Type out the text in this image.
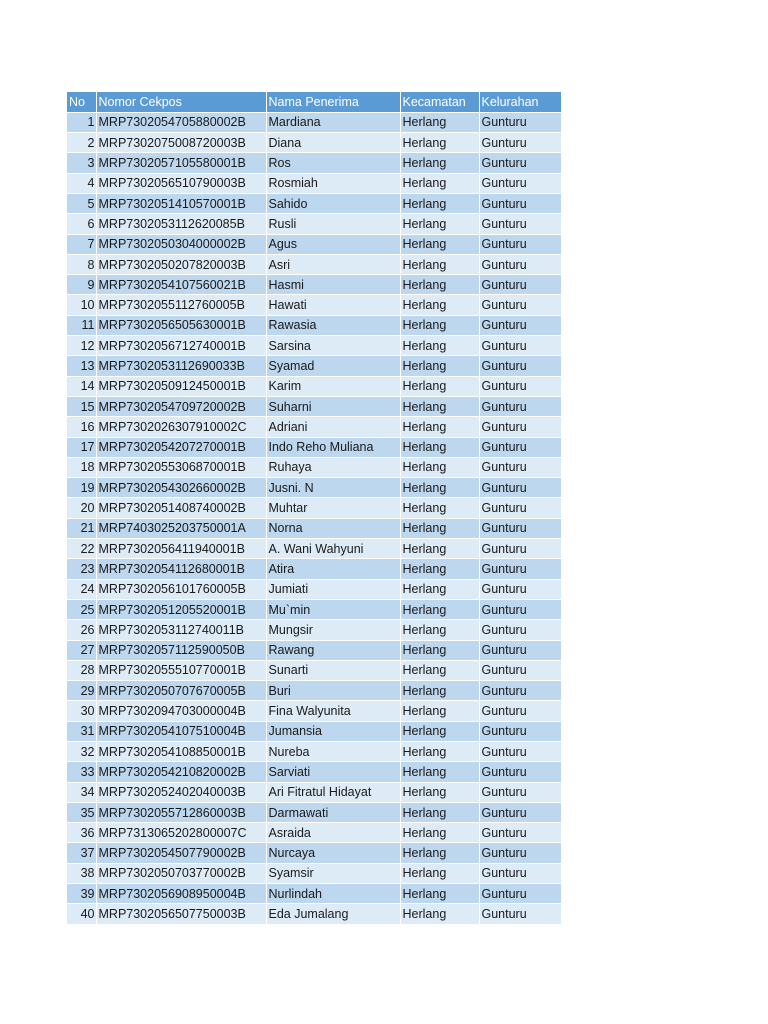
No	Nomor Cekpos	Nama Penerima	Kecamatan	Kelurahan
1	MRP7302054705880002B	Mardiana	Herlang	Gunturu
2	MRP7302075008720003B	Diana	Herlang	Gunturu
3	MRP7302057105580001B	Ros	Herlang	Gunturu
4	MRP7302056510790003B	Rosmiah	Herlang	Gunturu
5	MRP7302051410570001B	Sahido	Herlang	Gunturu
6	MRP7302053112620085B	Rusli	Herlang	Gunturu
7	MRP7302050304000002B	Agus	Herlang	Gunturu
8	MRP7302050207820003B	Asri	Herlang	Gunturu
9	MRP7302054107560021B	Hasmi	Herlang	Gunturu
10	MRP7302055112760005B	Hawati	Herlang	Gunturu
11	MRP7302056505630001B	Rawasia	Herlang	Gunturu
12	MRP7302056712740001B	Sarsina	Herlang	Gunturu
13	MRP7302053112690033B	Syamad	Herlang	Gunturu
14	MRP7302050912450001B	Karim	Herlang	Gunturu
15	MRP7302054709720002B	Suharni	Herlang	Gunturu
16	MRP7302026307910002C	Adriani	Herlang	Gunturu
17	MRP7302054207270001B	Indo Reho Muliana	Herlang	Gunturu
18	MRP7302055306870001B	Ruhaya	Herlang	Gunturu
19	MRP7302054302660002B	Jusni. N	Herlang	Gunturu
20	MRP7302051408740002B	Muhtar	Herlang	Gunturu
21	MRP7403025203750001A	Norna	Herlang	Gunturu
22	MRP7302056411940001B	A. Wani Wahyuni	Herlang	Gunturu
23	MRP7302054112680001B	Atira	Herlang	Gunturu
24	MRP7302056101760005B	Jumiati	Herlang	Gunturu
25	MRP7302051205520001B	Mu`min	Herlang	Gunturu
26	MRP7302053112740011B	Mungsir	Herlang	Gunturu
27	MRP7302057112590050B	Rawang	Herlang	Gunturu
28	MRP7302055510770001B	Sunarti	Herlang	Gunturu
29	MRP7302050707670005B	Buri	Herlang	Gunturu
30	MRP7302094703000004B	Fina Walyunita	Herlang	Gunturu
31	MRP7302054107510004B	Jumansia	Herlang	Gunturu
32	MRP7302054108850001B	Nureba	Herlang	Gunturu
33	MRP7302054210820002B	Sarviati	Herlang	Gunturu
34	MRP7302052402040003B	Ari Fitratul Hidayat	Herlang	Gunturu
35	MRP7302055712860003B	Darmawati	Herlang	Gunturu
36	MRP7313065202800007C	Asraida	Herlang	Gunturu
37	MRP7302054507790002B	Nurcaya	Herlang	Gunturu
38	MRP7302050703770002B	Syamsir	Herlang	Gunturu
39	MRP7302056908950004B	Nurlindah	Herlang	Gunturu
40	MRP7302056507750003B	Eda Jumalang	Herlang	Gunturu
